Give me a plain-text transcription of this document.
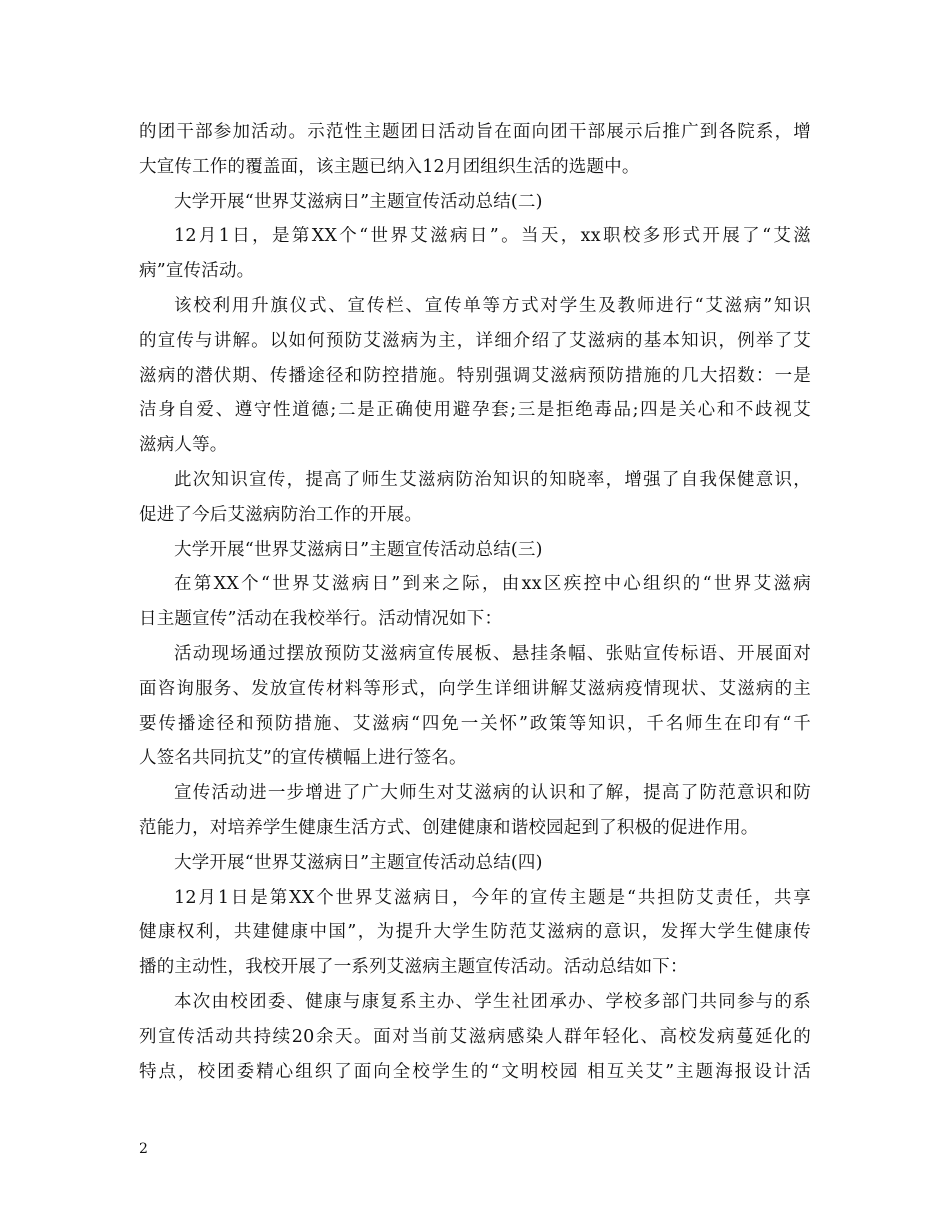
的团干部参加活动。示范性主题团日活动旨在面向团干部展示后推广到各院系，增
大宣传工作的覆盖面，该主题已纳入12月团组织生活的选题中。
大学开展“世界艾滋病日”主题宣传活动总结(二)
12月1日，是第XX个“世界艾滋病日”。当天，xx职校多形式开展了“艾滋
病”宣传活动。
该校利用升旗仪式、宣传栏、宣传单等方式对学生及教师进行“艾滋病”知识
的宣传与讲解。以如何预防艾滋病为主，详细介绍了艾滋病的基本知识，例举了艾
滋病的潜伏期、传播途径和防控措施。特别强调艾滋病预防措施的几大招数：一是
洁身自爱、遵守性道德;二是正确使用避孕套;三是拒绝毒品;四是关心和不歧视艾
滋病人等。
此次知识宣传，提高了师生艾滋病防治知识的知晓率，增强了自我保健意识，
促进了今后艾滋病防治工作的开展。
大学开展“世界艾滋病日”主题宣传活动总结(三)
在第XX个“世界艾滋病日”到来之际，由xx区疾控中心组织的“世界艾滋病
日主题宣传”活动在我校举行。活动情况如下：
活动现场通过摆放预防艾滋病宣传展板、悬挂条幅、张贴宣传标语、开展面对
面咨询服务、发放宣传材料等形式，向学生详细讲解艾滋病疫情现状、艾滋病的主
要传播途径和预防措施、艾滋病“四免一关怀”政策等知识，千名师生在印有“千
人签名共同抗艾”的宣传横幅上进行签名。
宣传活动进一步增进了广大师生对艾滋病的认识和了解，提高了防范意识和防
范能力，对培养学生健康生活方式、创建健康和谐校园起到了积极的促进作用。
大学开展“世界艾滋病日”主题宣传活动总结(四)
12月1日是第XX个世界艾滋病日，今年的宣传主题是“共担防艾责任，共享
健康权利，共建健康中国”，为提升大学生防范艾滋病的意识，发挥大学生健康传
播的主动性，我校开展了一系列艾滋病主题宣传活动。活动总结如下：
本次由校团委、健康与康复系主办、学生社团承办、学校多部门共同参与的系
列宣传活动共持续20余天。面对当前艾滋病感染人群年轻化、高校发病蔓延化的
特点，校团委精心组织了面向全校学生的“文明校园 相互关艾”主题海报设计活
2
